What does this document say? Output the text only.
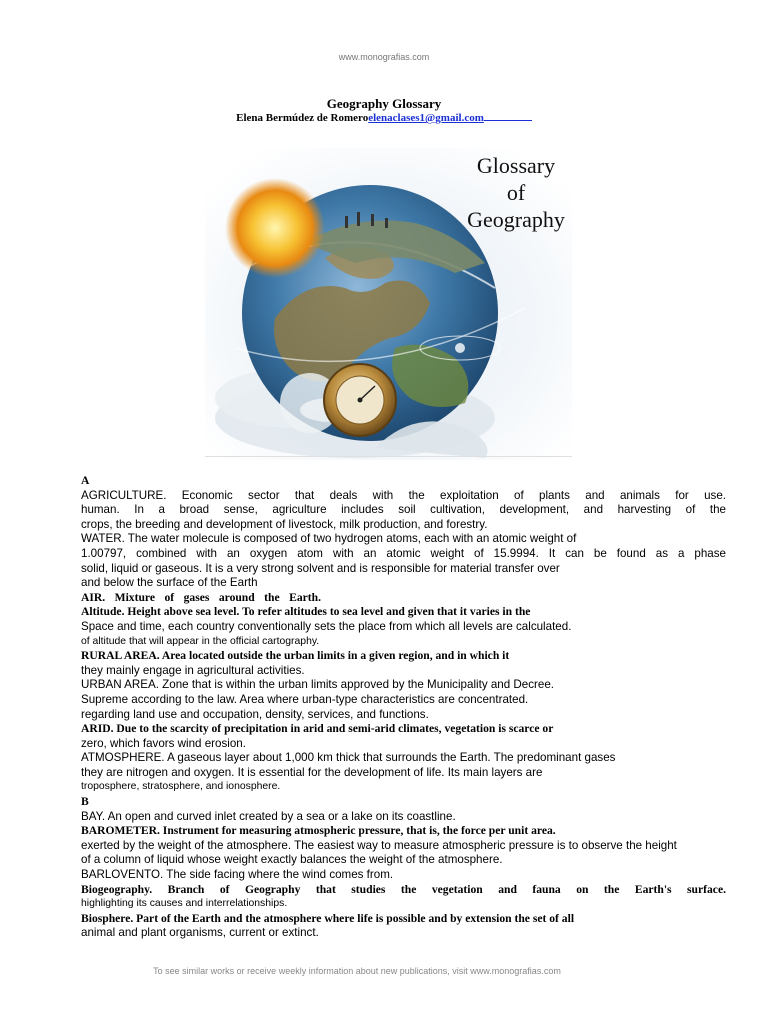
www.monografias.com
Geography Glossary
Elena Bermúdez de Romeroelenaclases1@gmail.com
Glossary
of
Geography
A
AGRICULTURE. Economic sector that deals with the exploitation of plants and animals for use.
human. In a broad sense, agriculture includes soil cultivation, development, and harvesting of the
crops, the breeding and development of livestock, milk production, and forestry.
WATER. The water molecule is composed of two hydrogen atoms, each with an atomic weight of
1.00797, combined with an oxygen atom with an atomic weight of 15.9994. It can be found as a phase
solid, liquid or gaseous. It is a very strong solvent and is responsible for material transfer over
and below the surface of the Earth
AIR. Mixture of gases around the Earth.
Altitude. Height above sea level. To refer altitudes to sea level and given that it varies in the
Space and time, each country conventionally sets the place from which all levels are calculated.
of altitude that will appear in the official cartography.
RURAL AREA. Area located outside the urban limits in a given region, and in which it
they mainly engage in agricultural activities.
URBAN AREA. Zone that is within the urban limits approved by the Municipality and Decree.
Supreme according to the law. Area where urban-type characteristics are concentrated.
regarding land use and occupation, density, services, and functions.
ARID. Due to the scarcity of precipitation in arid and semi-arid climates, vegetation is scarce or
zero, which favors wind erosion.
ATMOSPHERE. A gaseous layer about 1,000 km thick that surrounds the Earth. The predominant gases
they are nitrogen and oxygen. It is essential for the development of life. Its main layers are
troposphere, stratosphere, and ionosphere.
B
BAY. An open and curved inlet created by a sea or a lake on its coastline.
BAROMETER. Instrument for measuring atmospheric pressure, that is, the force per unit area.
exerted by the weight of the atmosphere. The easiest way to measure atmospheric pressure is to observe the height
of a column of liquid whose weight exactly balances the weight of the atmosphere.
BARLOVENTO. The side facing where the wind comes from.
Biogeography. Branch of Geography that studies the vegetation and fauna on the Earth's surface.
highlighting its causes and interrelationships.
Biosphere. Part of the Earth and the atmosphere where life is possible and by extension the set of all
animal and plant organisms, current or extinct.
To see similar works or receive weekly information about new publications, visit www.monografias.com
